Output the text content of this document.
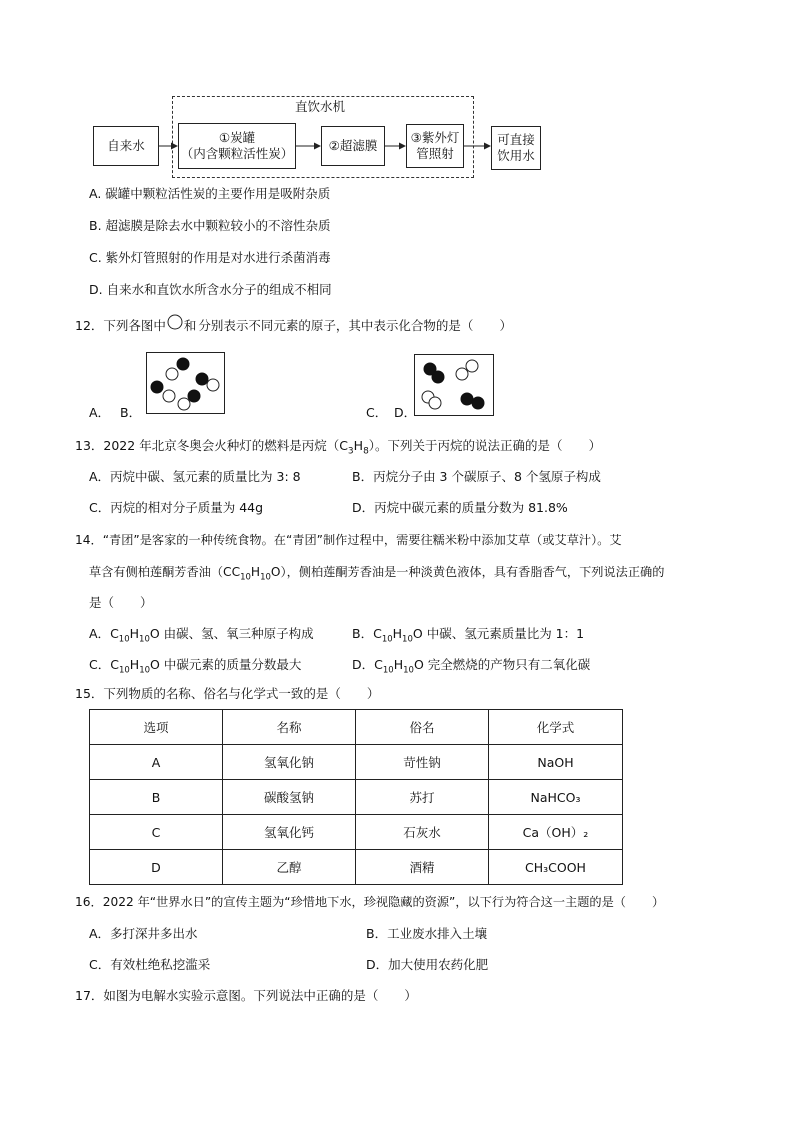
直饮水机
自来水
①炭罐
（内含颗粒活性炭）
②超滤膜
③紫外灯
管照射
可直接
饮用水
A. 碳罐中颗粒活性炭的主要作用是吸附杂质
B. 超滤膜是除去水中颗粒较小的不溶性杂质
C. 紫外灯管照射的作用是对水进行杀菌消毒
D. 自来水和直饮水所含水分子的组成不相同
12．下列各图中 和 分别表示不同元素的原子，其中表示化合物的是（ ）
A． B．	C． D．
13．2022 年北京冬奥会火种灯的燃料是丙烷$(C_3H_8)$。下列关于丙烷的说法正确的是（ ）
A．丙烷中碳、氢元素的质量比为 3: 8	B．丙烷分子由 3 个碳原子、8 个氢原子构成
C．丙烷的相对分子质量为 44g	D．丙烷中碳元素的质量分数为 81.8%
14．“青团”是客家的一种传统食物。在“青团”制作过程中，需要往糯米粉中添加艾草（或艾草汁）。艾
草含有侧柏莲酮芳香油$(CC_{10}H_{10}O)$，侧柏莲酮芳香油是一种淡黄色液体，具有香脂香气，下列说法正确的
是（ ）
A．$C_{10}H_{10}O$ 由碳、氢、氧三种原子构成	B．$C_{10}H_{10}O$ 中碳、氢元素质量比为 1：1
C．$C_{10}H_{10}O$ 中碳元素的质量分数最大	D．$C_{10}H_{10}O$ 完全燃烧的产物只有二氧化碳
15．下列物质的名称、俗名与化学式一致的是（ ）
选项	名称	俗名	化学式
A	氢氧化钠	苛性钠	NaOH
B	碳酸氢钠	苏打	NaHCO₃
C	氢氧化钙	石灰水	Ca（OH）₂
D	乙醇	酒精	CH₃COOH
16．2022 年“世界水日”的宣传主题为“珍惜地下水，珍视隐藏的资源”，以下行为符合这一主题的是（ ）
A．多打深井多出水	B．工业废水排入土壤
C．有效杜绝私挖滥采	D．加大使用农药化肥
17．如图为电解水实验示意图。下列说法中正确的是（ ）
